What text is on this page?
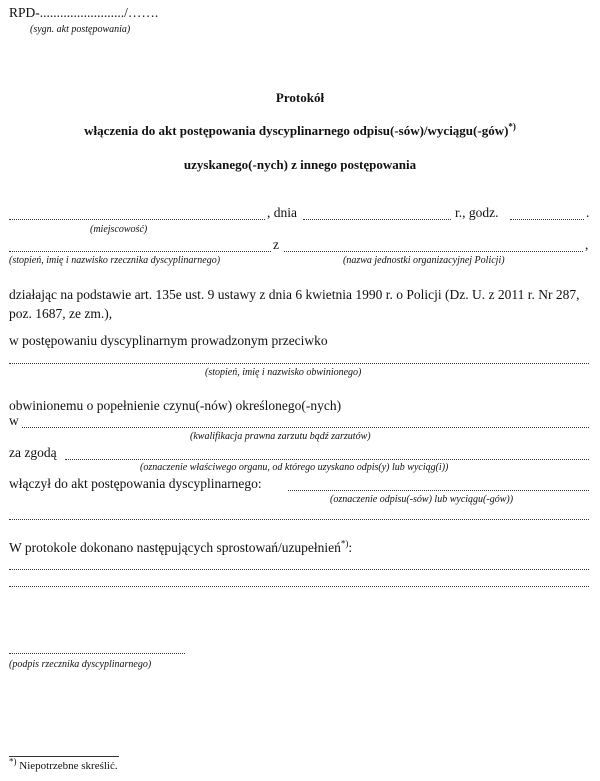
RPD-........................./…….
(sygn. akt postępowania)
Protokół
włączenia do akt postępowania dyscyplinarnego odpisu(-sów)/wyciągu(-gów)*)
uzyskanego(-nych) z innego postępowania
, dnia	r., godz.	.
(miejscowość)
z	,
(stopień, imię i nazwisko rzecznika dyscyplinarnego)	(nazwa jednostki organizacyjnej Policji)
działając na podstawie art. 135e ust. 9 ustawy z dnia 6 kwietnia 1990 r. o Policji (Dz. U. z 2011 r. Nr 287, poz. 1687, ze zm.),
w postępowaniu dyscyplinarnym prowadzonym przeciwko
(stopień, imię i nazwisko obwinionego)
obwinionemu o popełnienie czynu(-nów) określonego(-nych)
w
(kwalifikacja prawna zarzutu bądź zarzutów)
za zgodą
(oznaczenie właściwego organu, od którego uzyskano odpis(y) lub wyciąg(i))
włączył do akt postępowania dyscyplinarnego:
(oznaczenie odpisu(-sów) lub wyciągu(-gów))
W protokole dokonano następujących sprostowań/uzupełnień*):
(podpis rzecznika dyscyplinarnego)
*) Niepotrzebne skreślić.
